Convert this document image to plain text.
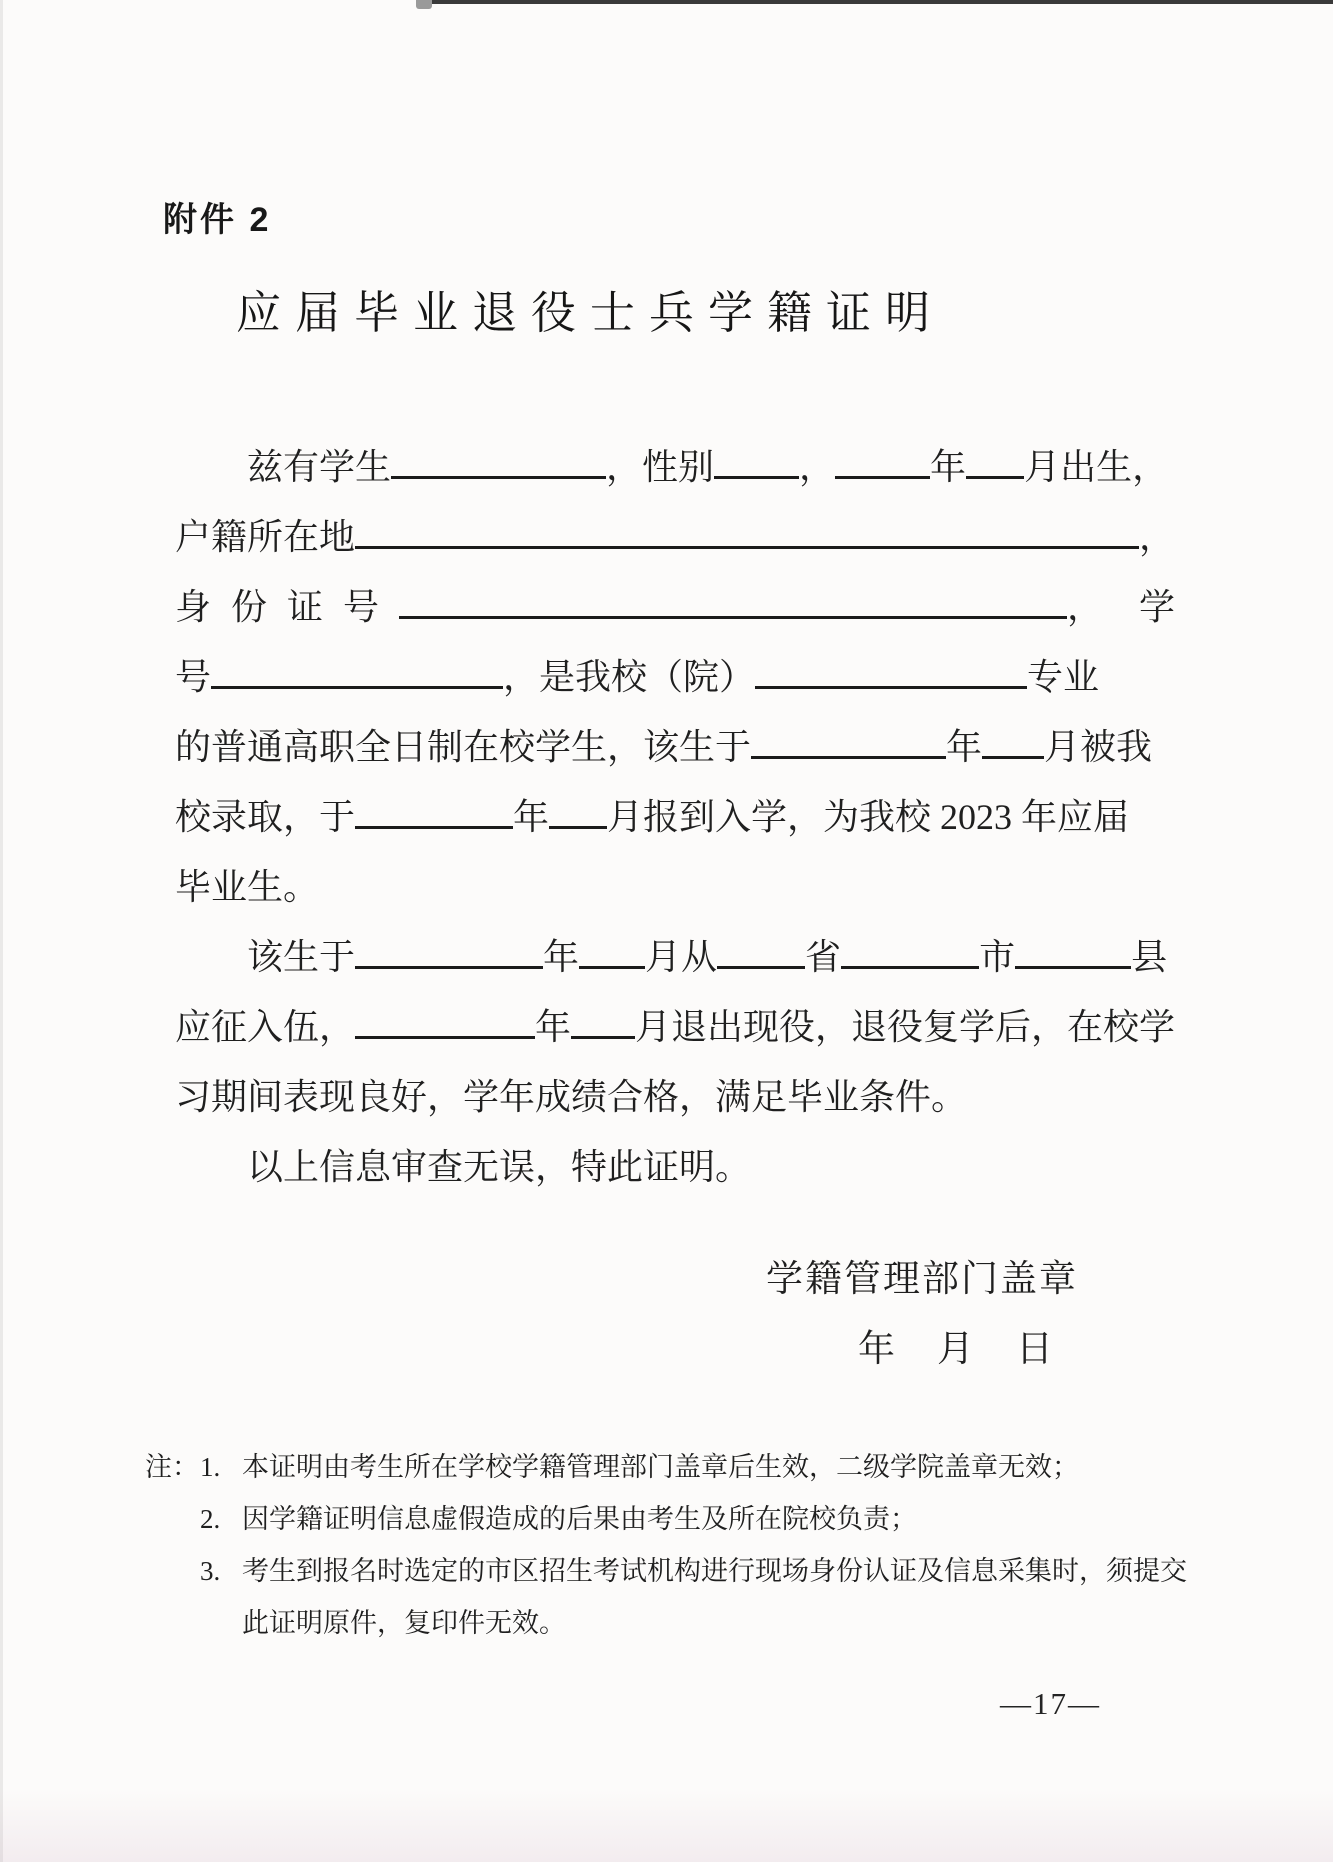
附件 2
应届毕业退役士兵学籍证明
兹有学生	，性别 ，	年 月出生，
户籍所在地	，
身份证号	，　学
号	，是我校（院）	专业
的普通高职全日制在校学生，该生于	年 月被我
校录取，于	年 月报到入学，为我校 2023 年应届
毕业生。
该生于	年 月从 省	市	县
应征入伍，	年 月退出现役，退役复学后，在校学
习期间表现良好，学年成绩合格，满足毕业条件。
以上信息审查无误，特此证明。
学籍管理部门盖章
年 月 日
注： 1. 本证明由考生所在学校学籍管理部门盖章后生效，二级学院盖章无效；
2. 因学籍证明信息虚假造成的后果由考生及所在院校负责；
3. 考生到报名时选定的市区招生考试机构进行现场身份认证及信息采集时，须提交此证明原件，复印件无效。
—17—
